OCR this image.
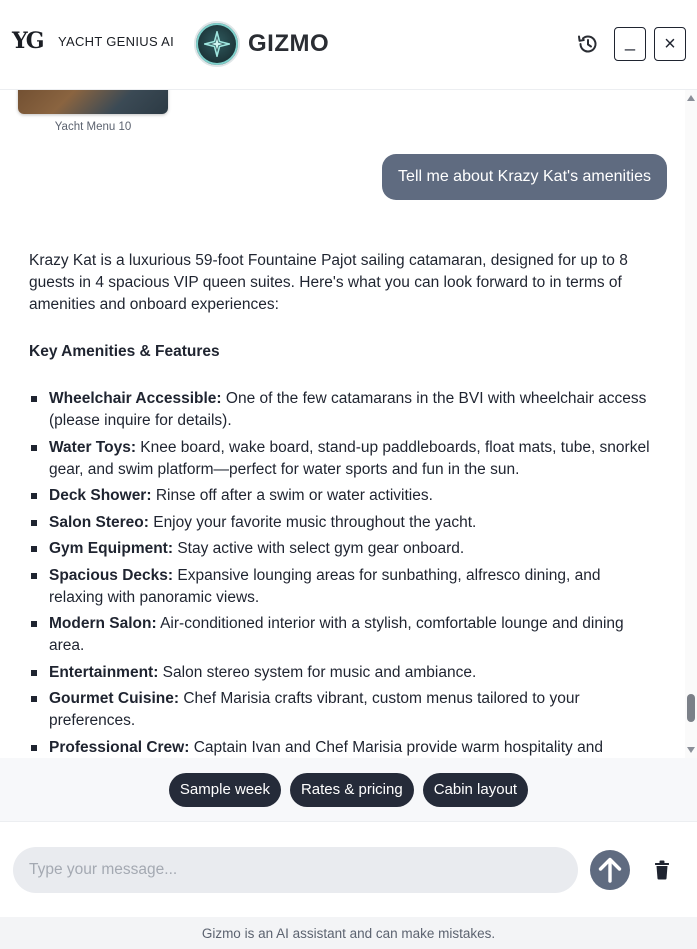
YG	YACHT GENIUS AI	GIZMO	_ ×
Yacht Menu 10
Tell me about Krazy Kat's amenities

Krazy Kat is a luxurious 59-foot Fountaine Pajot sailing catamaran, designed for up to 8 guests in 4 spacious VIP queen suites. Here's what you can look forward to in terms of amenities and onboard experiences:

Key Amenities & Features
Wheelchair Accessible: One of the few catamarans in the BVI with wheelchair access (please inquire for details).
Water Toys: Knee board, wake board, stand-up paddleboards, float mats, tube, snorkel gear, and swim platform—perfect for water sports and fun in the sun.
Deck Shower: Rinse off after a swim or water activities.
Salon Stereo: Enjoy your favorite music throughout the yacht.
Gym Equipment: Stay active with select gym gear onboard.
Spacious Decks: Expansive lounging areas for sunbathing, alfresco dining, and relaxing with panoramic views.
Modern Salon: Air-conditioned interior with a stylish, comfortable lounge and dining area.
Entertainment: Salon stereo system for music and ambiance.
Gourmet Cuisine: Chef Marisia crafts vibrant, custom menus tailored to your preferences.
Professional Crew: Captain Ivan and Chef Marisia provide warm hospitality and
Sample week	Rates & pricing	Cabin layout
Type your message...
Gizmo is an AI assistant and can make mistakes.
